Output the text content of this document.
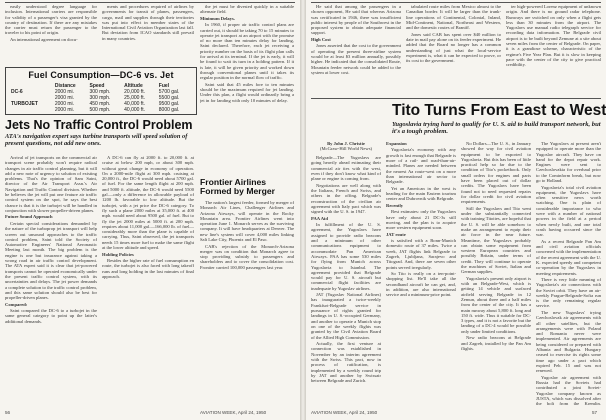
easily understood degree language for inclusion. International carriers are responsible for validity of a passenger's visa granted by the country of destination. If there are any mistakes the carrier must return the passenger to the traveler to his point of origin.

An international agreement on docu-

ments and procedures required of airlines by governments for transit of planes, passengers, cargo, mail and supplies through their territories was put into effect in member states of the International Civil Aviation Organization last fall. But deviation from ICAO standards still prevail in many countries.

Fuel Consumption—DC-6 vs. Jet
	Distance	Speed	Altitude	Fuel
DC-6	2000 mi.	300 mph.	20,000 ft.	5700 gal.
	2000 mi.	300 mph.	25,000 ft.	5500 gal.
TURBOJET	2000 mi.	450 mph.	40,000 ft.	9500 gal.
	2000 mi.	500 mph.	40,000 ft.	8000 gal.
Jets No Traffic Control Problem
ATA's navigation expert says turbine transports will speed solution of present questions, not add new ones.

Arrival of jet transports on the commercial air transport scene probably won't require radical changes in air traffic control planning, but it will add a new note of urgency to solution of existing problems. That's the opinion of Sam Saint, director of the Air Transport Assn.'s Air Navigation and Traffic Control division. Whether he believes the jet will put one feature air traffic control system on the spot, he says the best chance is that it is the turbojet will be handled in conjunction with slower propeller-driven planes.

Future Sound Approach

Certain special considerations demanded by the nature of the turboprop jet transport will help screen out unsound approaches to the traffic control problem, Saint told the Society of Automotive Engineers' National Aeronautic Meeting last month. The big problem is the engine is one but insurance against taking a wrong road in air traffic control development. The ATA expert said it is clear that jet-powered transports cannot be operated economically under the present traffic control system, with its uncertainties and delays. The jet power demands a complete solution to the traffic control problem, and this same solution should also be best for propeller-driven planes.

Compared:

Saint compared the DC-6 to a turbojet in the same general category to point up the latter's additional demands.

A DC-6 can fly at 2000 ft. to 20,000 ft. at cruise at below 200 mph, or about 300 mph. without great change in economy of operation. On a 2000-mile flight at 300 mph. cruising at 20,000 ft., the DC-6 would need about 5700 gal. of fuel. For the same length flight at 200 mph. and 5000 ft. altitude, the DC-6 would need 5500 gal.—only a difference in allowable payload of 1200 lb. favorable to low altitude. But the turbojet, with a jet price the DC-6 category. To fly such a plane 2000 miles at 35,000 ft. at 400 mph. would need about 9500 gal. of fuel. But to fly the jet 2000 miles at 5000 ft. at 200 mph. requires about 11,000 gal.—166,000 lb. of fuel—considerably more than the plane is capable of carrying. Thus, Saint observed, the jet transports needs 15 times more fuel to make the same flight at the lower altitude and speed.

Holding Policies

Besides the higher rate of fuel consumption en route, the turbojet is also faced with long takeoff runs and long holding in the last minutes of final approach.

the jet must be divested quickly in a suitable alternate field.

Minimum Delays.

In 1960, if proper air traffic control plans are carried out, it should be taking 70 to 15 minutes to operate jet transport at an airport with the promise of no more than ten minutes delay for landing, Saint declared. Therefore, each jet receiving a priority number on the basis of its flight plan calls for arrival at its terminal. If the jet is early, it will be found to wait its turn in a holding pattern. If it is late, it will be given priority and worked down through conventional planes until it takes its regular position in the normal flow of traffic.

Saint said that 45 miles fore to ten minutes should be the maximum required for jet landing. Under this plan, a flight would ordinarily bring a jet in for landing with only 10 minutes of delay.

Frontier Airlines Formed by Merger

The nation's largest feeder, formed by merger of Monarch Air Lines, Challenger Airlines and Arizona Airways, will operate in the Rocky Mountain area. Frontier Airlines went into operation June 1. Monarch serves as the surviving company. It will have headquarters at Denver. The new line's system will cover 4,000 miles linking Salt Lake City, Phoenix and El Paso.

CAB's rejection of the Monarch-Arizona merger was on condition that Monarch agree to stop providing subsidy to passengers and shareholders and to cover the consolidation cost. Frontier carried 100,000 passengers last year.

56	AVIATION WEEK, April 24, 1950

He said that among the passengers in a chosen opponent, He said that whereas Arizona was certificated in 1946, there was insufficient public interest by people of the Southwest in the proposed system to obtain adequate financial support.

High Cost

Jones asserted that the cost to the government of operating the present three-airline system would be at least $3 million annually, possibly higher. He indicated that the consolidated Route, Mountain feeder network could be added to the system at lower cost.

tabulated route miles from Mexico almost to the Canadian border. It will be larger than the trunk-line operations of Continental, Colonial, Inland, Mid-Continent, National, Northeast and Western, and the domestic routes of Braniff.

Jones said CAB has spent over $40 million to date in mail pay alone on its feeder experiment. He added that the Board no longer has a common understanding of just what the local-service experiment is, what it can be expected to prove, or its cost to the government.

ter high-powered Lorenz equipment of unknown origin. And there is no ground radar telephone. Runways are switched on only when a flight gets less than 30 minutes from the airport. The Yugoslavs use manual radio telegraph service for recording data information. The Belgrade civil airport is to be built beyond Zemune at a site about seven miles from the center of Belgrade. On paper, it is a grandiose scheme, characteristic of the regime's Five Year Plan. But it is slow in keeping pace with the center of the city to give practical credibility.

Tito Turns From East to West
Yugoslavia trying hard to qualify for U. S. aid to build transport network, but it's a tough problem.
By John J. Christie
(McGraw-Hill World News)

Belgrade—The Yugoslavs are going heavily ahead estimating their commercial air ties with the west, even if they don't know what kind of plane or engine is coming from.

Negotiations are well along with the Italians, French and Swiss, and others in the offing. Belgrade's reconstruction of the civilian air agreement with Italy pact which was signed with the U. S. in 1947.

PAA Aid

In fulfillment of the U. S. agreement, the Yugoslavs have assigned to provide radio beacons and a minimum of other communications equipment to accommodate Pan American Airways. PAA has some 530 miles for flying from Munich across Yugoslavia to Istanbul. The agreement provided that Belgrade would pay for U. S. aircraft but commercial flight facilities are inadequate by Yugoslav airlines.

JAT (Yugoslav National Airlines) has inaugurated a twice-weekly Frankfurt-Belgrade service in pursuance of rights granted for landings in U. S.-occupied Germany, and another to operate a Munich stop on one of the weekly flights was granted by the Civil Aviation Board of the Allied High Commission.

Actually, the first venture at connection was established in November by an interim agreement with the Swiss. This pact, now in process of ratification, is implemented by a weekly round trip by JAT and another by Swissair between Belgrade and Zurich.

Expansion

Yugoslavia's economy with any growth is fast enough that Belgrade is more of a rail- and road-than-air-minded. Planes are needed between the nearest Aa route-west on a more than international air sector to Belgrade.

Yet an American in the west is heading for the main Eastern tourism center and Dubrovnik with Belgrade.

Recently

Best estimates: only the Yugoslavs have only about 21 DC-3s still moving, and the plan is to acquire more western equipment soon.

JAT route

is satisfied with a Bonn-Munich domestic route of 37 miles. Twice a week, JAT flights link Belgrade to Zagreb, Ljubljana, Sarajevo and Titograd. And, there are seven other points served irregularly.

So Tito is really on a ten-point-shopping list. He'll take all the secondhand aircraft he can get, and, in addition, are also international service and a minimum-price point.

No Dollars—The U. S., in January showed the way for civil aviation equipment to be exported to Yugoslavia. But this has been of little practical help so far due to the condition of Tito's pocketbook. Only small orders for engines and parts have been placed out of dollar credits. The Yugoslavs have been found not to need requested repairs for dollar credit for civil aviation requirements.

Still the Yugoslavs and Tito went under the substantially connected with training Titoites, are hopeful that the U. S. will be able somehow to make an arrangement to equip their air force in the near future. Meantime, the Yugoslavs probably can obtain some equipment from western European countries and possibly Britain, under terms of credit. They will continue to operate the machines of Soviet, Italian and German supplies.

Yugoslavia's present only airport is with an Belgrade-West, which is getting 14 vehicle and surfaced airfield serving Belgrade in 12 Zemun, about three and a half miles from the center of the city. It has a main runway about 5,800 ft. long and 150 ft. wide. Thus it suitable for DC-3 types, and it is not a favorite but the landing of a DC-4 would be possible only under limited conditions.

New radio beacons at Belgrade and Zagreb, installed by the Pan Am flights.

The Yugoslavs at present aren't equipped to operate more than the Yugoslav aircraft. They have on hand for the depot repair work. Engines were sent to Czechoslovakia for overhaul prior to the Cominform break, but now go to Holland.

Yugoslavia's total civil aviation equipment, the Yugoslavs have often sensitive news worth watching. One is plain of considerable importance to who were with a number of national powers in the field at a period when newly built, and one total crash having occurred since the war.

As a recent Belgrade Pan Am and civil aviation officials concerned with the implementation of the recent agreement with the U. K. expected speedy and competent co-operation by the Yugoslavs in meeting requirements.

There is very little meaning of Yugoslavia's air connections with the Soviet orbit. They have an air-weekly Prague-Belgrade-Sofia run is the only remaining regular service.

The new Yugoslavs' trying Czechoslovak air agreements with all other satellites, but the arrangements were with Poland and Romania never were implemented. Air agreements are being considered or prepared with Albania and Bulgaria. Hungary ceased to exercise its rights some time ago under a pact which expired Feb. 15 and was not renewed.

Yugoslav air agreement with Russia had the Soviets had contributed a joint Soviet-Yugoslav company known as JUSTA, which was dissolved after the bolt from the Kremlin.

AVIATION WEEK, April 24, 1950	57
